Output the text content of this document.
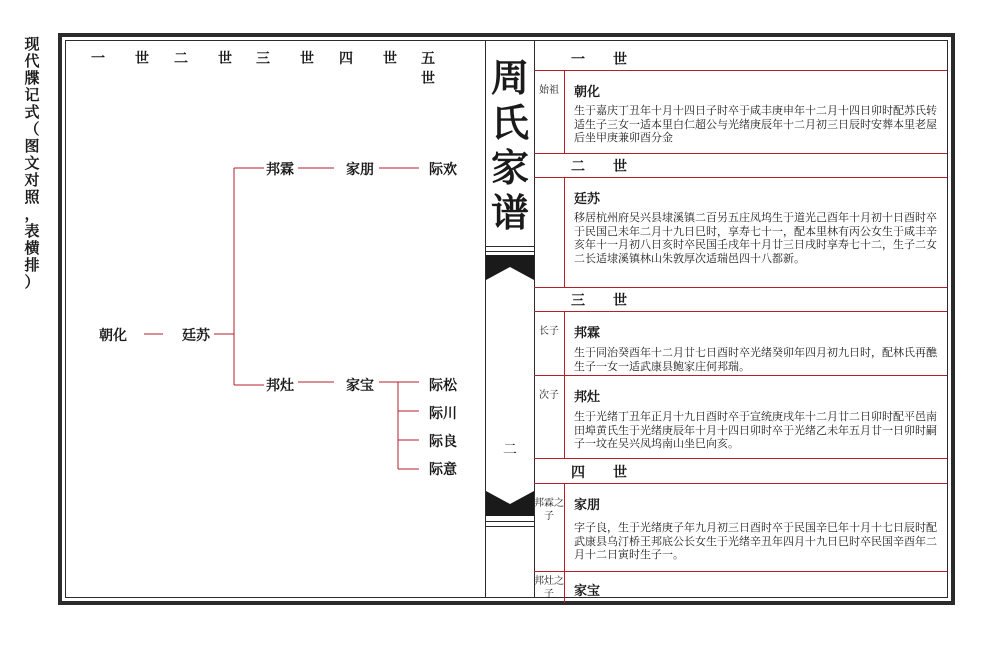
现
代
牒
记
式
（
图
文
对
照
，
表
横
排
）
一　世 二　世 三　世 四　世 五　世
朝化	廷苏
邦霖
邦灶
家朋
家宝
际欢
际松
际川
际良
际意
周
氏
家
谱
二
一　世
始祖	朝化
生于嘉庆丁丑年十月十四日子时卒于咸丰庚申年十二月十四日卯时配苏氏转适生子三女一适本里白仁超公与光绪庚辰年十二月初三日辰时安葬本里老屋后坐甲庚兼卯酉分金
二　世
廷苏
移居杭州府吴兴县埭溪镇二百另五庄凤坞生于道光己酉年十月初十日酉时卒于民国己未年二月十九日巳时，享寿七十一，配本里林有丙公女生于咸丰辛亥年十一月初八日亥时卒民国壬戌年十月廿三日戌时享寿七十二，生子二女二长适埭溪镇林山朱敦厚次适瑞邑四十八都新。
三　世
长子	邦霖
生于同治癸酉年十二月廿七日酉时卒光绪癸卯年四月初九日时，配林氏再醮生子一女一适武康县鲍家庄何邦瑞。
次子	邦灶
生于光绪丁丑年正月十九日酉时卒于宣统庚戌年十二月廿二日卯时配平邑南田埠黄氏生于光绪庚辰年十月十四日卯时卒于光绪乙未年五月廿一日卯时嗣子一坟在吴兴凤坞南山坐巳向亥。
四　世
邦霖之子
家朋
字子良，生于光绪庚子年九月初三日酉时卒于民国辛巳年十月十七日辰时配武康县乌汀桥王邦底公长女生于光绪辛丑年四月十九日巳时卒民国辛酉年二月十二日寅时生子一。
邦灶之子	家宝
